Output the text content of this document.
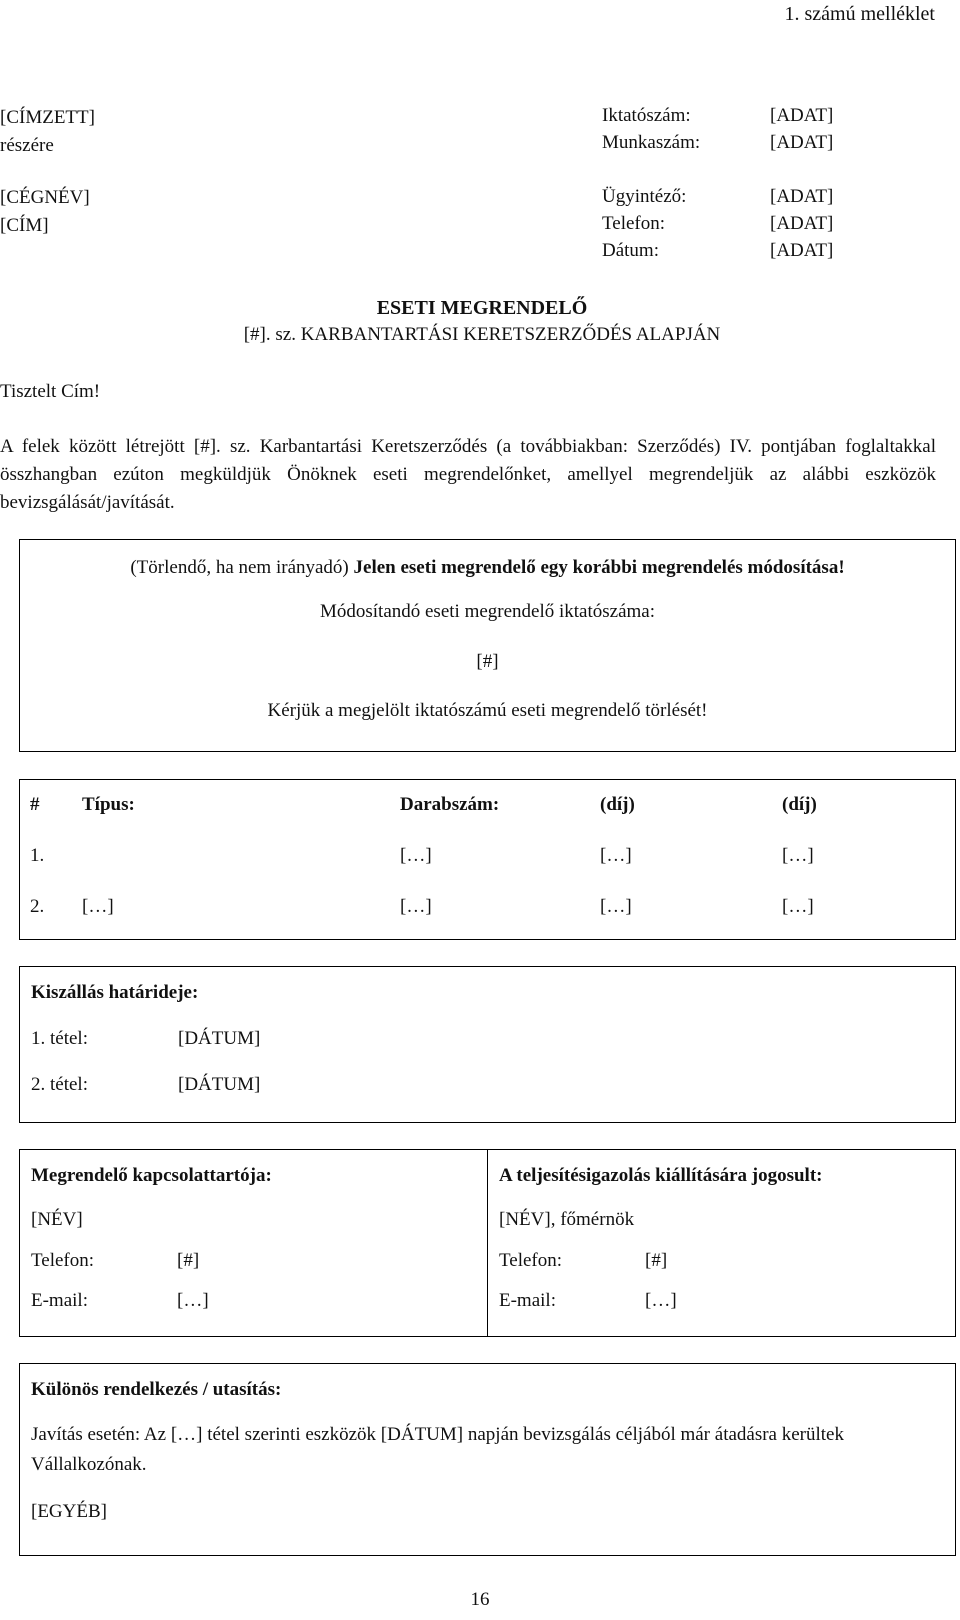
1. számú melléklet
[CÍMZETT]
részére
[CÉGNÉV]
[CÍM]
Iktatószám:	[ADAT]
Munkaszám:	[ADAT]

Ügyintéző:	[ADAT]
Telefon:	[ADAT]
Dátum:	[ADAT]
ESETI MEGRENDELŐ
[#]. sz. KARBANTARTÁSI KERETSZERZŐDÉS ALAPJÁN
Tisztelt Cím!
A felek között létrejött [#]. sz. Karbantartási Keretszerződés (a továbbiakban: Szerződés) IV. pontjában foglaltakkal összhangban ezúton megküldjük Önöknek eseti megrendelőnket, amellyel megrendeljük az alábbi eszközök bevizsgálását/javítását.
(Törlendő, ha nem irányadó) Jelen eseti megrendelő egy korábbi megrendelés módosítása!
Módosítandó eseti megrendelő iktatószáma:
[#]
Kérjük a megjelölt iktatószámú eseti megrendelő törlését!
#	Típus:	Darabszám:	(díj)	(díj)
1.		[…]	[…]	[…]
2.	[…]	[…]	[…]	[…]
Kiszállás határideje:
1. tétel:	[DÁTUM]
2. tétel:	[DÁTUM]
Megrendelő kapcsolattartója:
[NÉV]
Telefon:	[#]
E-mail:	[…]
A teljesítésigazolás kiállítására jogosult:
[NÉV], főmérnök
Telefon:	[#]
E-mail:	[…]
Különös rendelkezés / utasítás:
Javítás esetén: Az […] tétel szerinti eszközök [DÁTUM] napján bevizsgálás céljából már átadásra kerültek Vállalkozónak.
[EGYÉB]
16
